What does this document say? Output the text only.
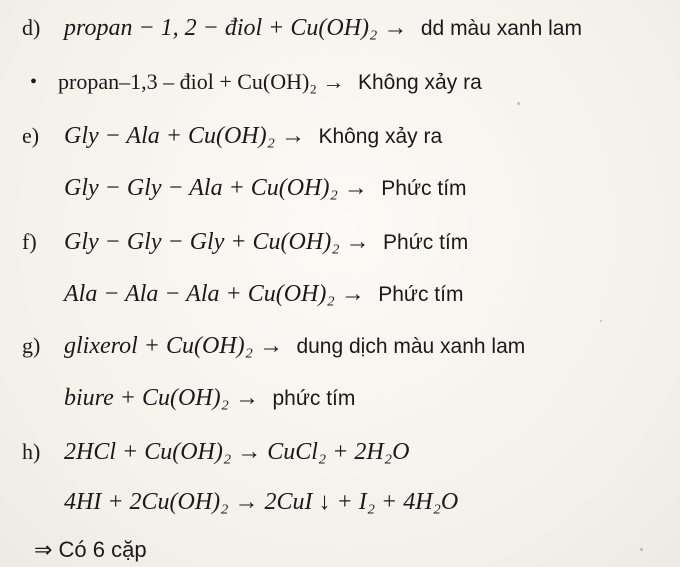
d) propan − 1, 2 − điol + Cu(OH)₂ → dd màu xanh lam
• propan–1,3 – điol + Cu(OH)₂ → Không xảy ra
e) Gly − Ala + Cu(OH)₂ → Không xảy ra
Gly − Gly − Ala + Cu(OH)₂ → Phức tím
f) Gly − Gly − Gly + Cu(OH)₂ → Phức tím
Ala − Ala − Ala + Cu(OH)₂ → Phức tím
g) glixerol + Cu(OH)₂ → dung dịch màu xanh lam
biure + Cu(OH)₂ → phức tím
h) 2HCl + Cu(OH)₂ → CuCl₂ + 2H₂O
4HI + 2Cu(OH)₂ → 2CuI ↓ + I₂ + 4H₂O
⇒ Có 6 cặp
